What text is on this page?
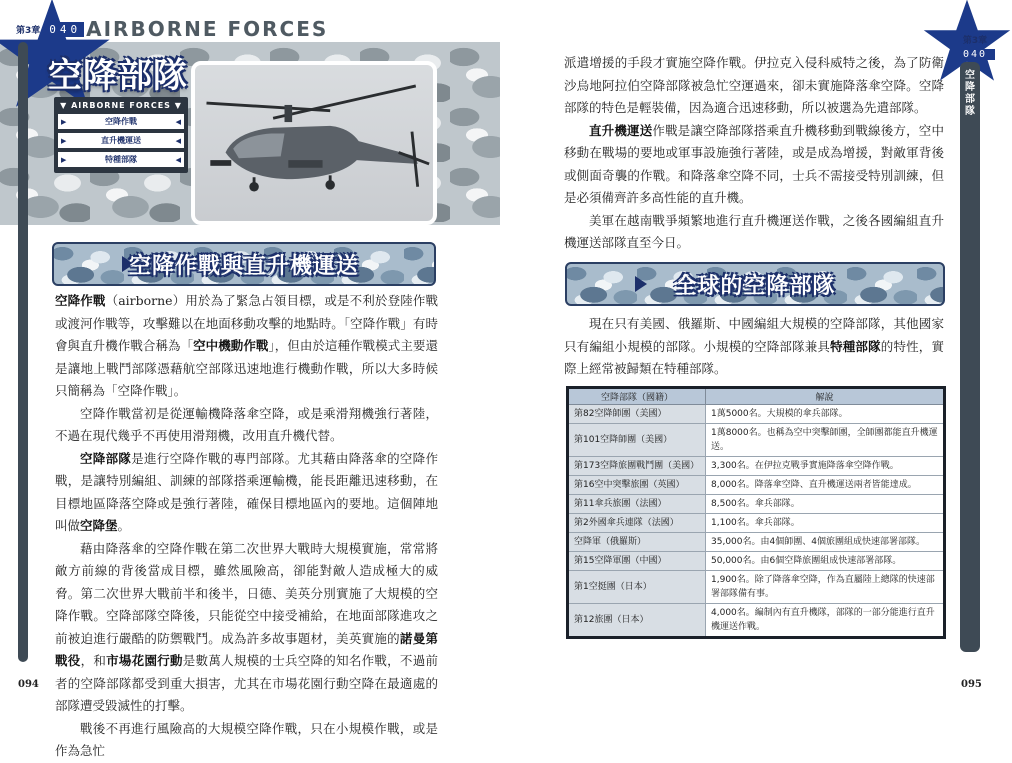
第3章 040 AIRBORNE FORCES
空降部隊
▼ AIRBORNE FORCES ▼
▶	空降作戰	◀
▶	直升機運送	◀
▶	特種部隊	◀
空降作戰與直升機運送

空降作戰（airborne）用於為了緊急占領目標，或是不利於登陸作戰或渡河作戰等，攻擊難以在地面移動攻擊的地點時。「空降作戰」有時會與直升機作戰合稱為「空中機動作戰」，但由於這種作戰模式主要還是讓地上戰鬥部隊憑藉航空部隊迅速地進行機動作戰，所以大多時候只簡稱為「空降作戰」。

空降作戰當初是從運輸機降落傘空降，或是乘滑翔機強行著陸，不過在現代幾乎不再使用滑翔機，改用直升機代替。

空降部隊是進行空降作戰的專門部隊。尤其藉由降落傘的空降作戰，是讓特別編組、訓練的部隊搭乘運輸機，能長距離迅速移動，在目標地區降落空降或是強行著陸，確保目標地區內的要地。這個陣地叫做空降堡。

藉由降落傘的空降作戰在第二次世界大戰時大規模實施，常常將敵方前線的背後當成目標，雖然風險高，卻能對敵人造成極大的威脅。第二次世界大戰前半和後半，日德、美英分別實施了大規模的空降作戰。空降部隊空降後，只能從空中接受補給，在地面部隊進攻之前被迫進行嚴酷的防禦戰鬥。成為許多故事題材，美英實施的諾曼第戰役，和市場花園行動是數萬人規模的士兵空降的知名作戰，不過前者的空降部隊都受到重大損害，尤其在市場花園行動空降在最適處的部隊遭受毀滅性的打擊。

戰後不再進行風險高的大規模空降作戰，只在小規模作戰，或是作為急忙

094
第3章
040
空降部隊

派遣增援的手段才實施空降作戰。伊拉克入侵科威特之後，為了防衛沙烏地阿拉伯空降部隊被急忙空運過來，卻未實施降落傘空降。空降部隊的特色是輕裝備，因為適合迅速移動，所以被選為先遣部隊。

直升機運送作戰是讓空降部隊搭乘直升機移動到戰線後方，空中移動在戰場的要地或軍事設施強行著陸，或是成為增援，對敵軍背後或側面奇襲的作戰。和降落傘空降不同，士兵不需接受特別訓練，但是必須備齊許多高性能的直升機。

美軍在越南戰爭頻繁地進行直升機運送作戰，之後各國編組直升機運送部隊直至今日。

全球的空降部隊

現在只有美國、俄羅斯、中國編組大規模的空降部隊，其他國家只有編組小規模的部隊。小規模的空降部隊兼具特種部隊的特性，實際上經常被歸類在特種部隊。

空降部隊（國籍）	解說
第82空降師團（美國）	1萬5000名。大規模的傘兵部隊。
第101空降師團（美國）	1萬8000名。也稱為空中突擊師團，全師團都能直升機運送。
第173空降旅團戰鬥團（美國）	3,300名。在伊拉克戰爭實施降落傘空降作戰。
第16空中突擊旅團（英國）	8,000名。降落傘空降、直升機運送兩者皆能達成。
第11傘兵旅團（法國）	8,500名。傘兵部隊。
第2外國傘兵連隊（法國）	1,100名。傘兵部隊。
空降軍（俄羅斯）	35,000名。由4個師團、4個旅團組成快速部署部隊。
第15空降軍團（中國）	50,000名。由6個空降旅團組成快速部署部隊。
第1空挺團（日本）	1,900名。除了降落傘空降，作為直屬陸上總隊的快速部署部隊備有事。
第12旅團（日本）	4,000名。編制內有直升機隊，部隊的一部分能進行直升機運送作戰。
095
